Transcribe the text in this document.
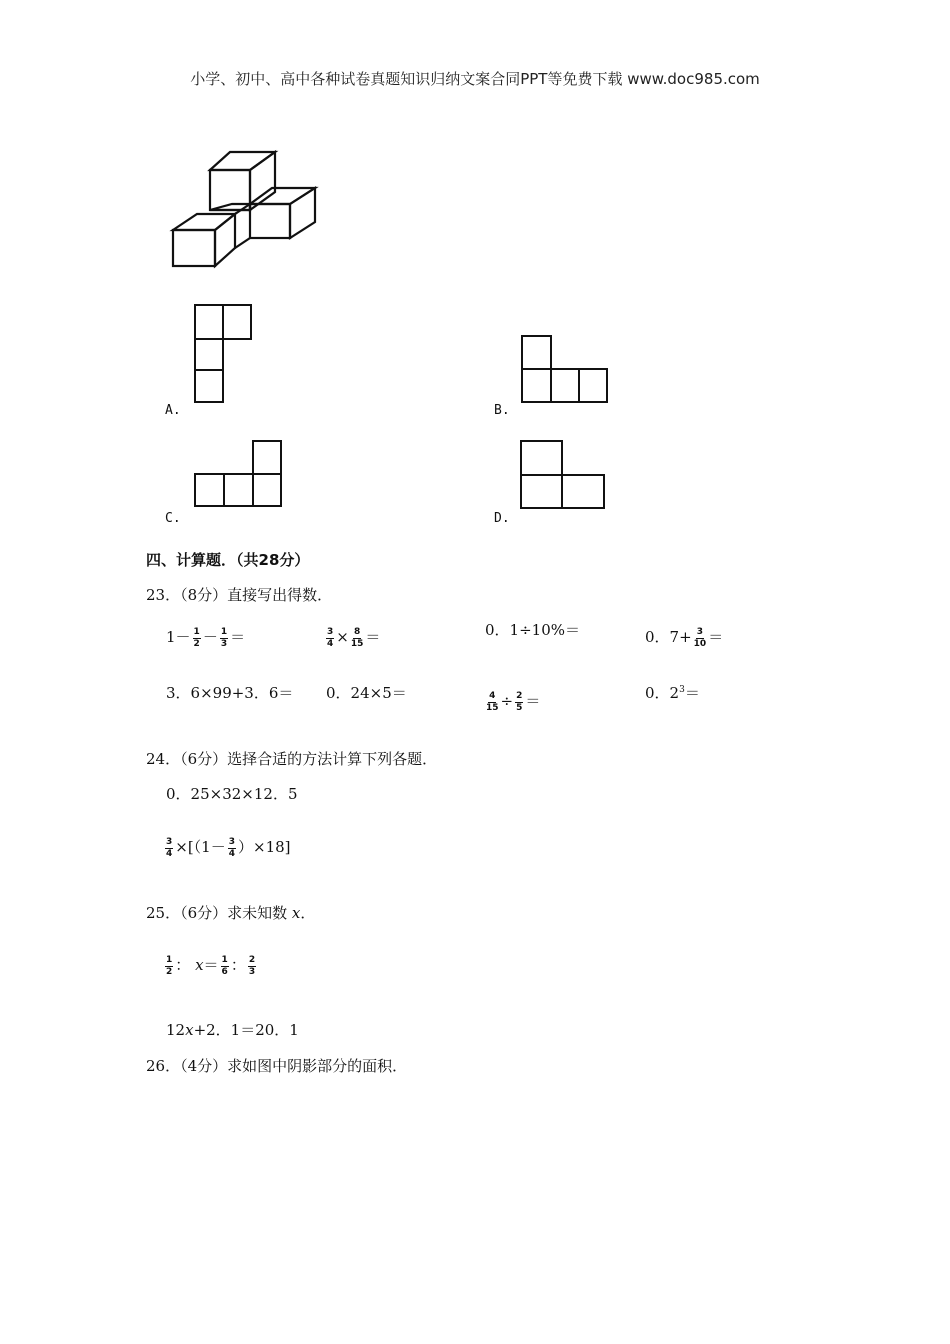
小学、初中、高中各种试卷真题知识归纳文案合同PPT等免费下载 www.doc985.com
A.	B.
C.	D.
四、计算题．（共28分）
23．（8分）直接写出得数．
$1- \frac{1}{2} - \frac{1}{3}$ ＝	$\frac{3}{4} \times \frac{8}{15}$ ＝	0．1÷10%＝	0．$7+ \frac{3}{10}$ ＝
3．6×99+3．6＝ 0．24×5＝	$\frac{4}{15} \div \frac{2}{5}$ ＝	0．$2^3=$
24．（6分）选择合适的方法计算下列各题．
0．25×32×12．5
$\frac{3}{4} \times[(1- \frac{3}{4} )\times 18]$
25．（6分）求未知数 x．
$\frac{1}{2}$ ： $x= \frac{1}{6}$ ： $\frac{2}{3}$
12x+2．1＝20．1
26．（4分）求如图中阴影部分的面积．
